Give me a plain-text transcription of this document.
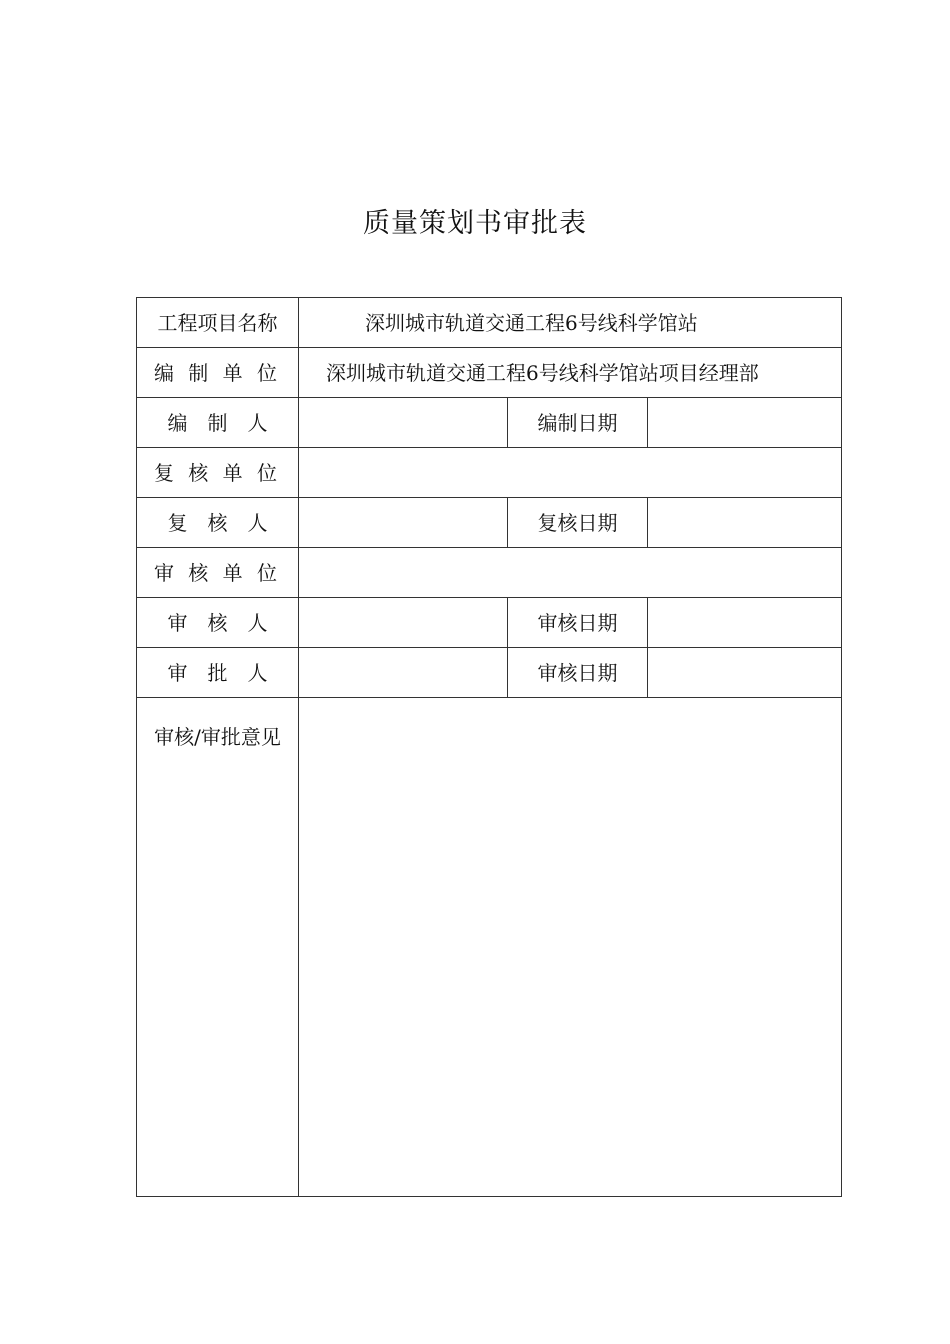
质量策划书审批表
工程项目名称	深圳城市轨道交通工程6号线科学馆站		
编 制 单 位	深圳城市轨道交通工程6号线科学馆站项目经理部		
编　制　人		编制日期	
复 核 单 位			
复　核　人		复核日期	
审 核 单 位			
审　核　人		审核日期	
审　批　人		审核日期	

审核/审批意见			
